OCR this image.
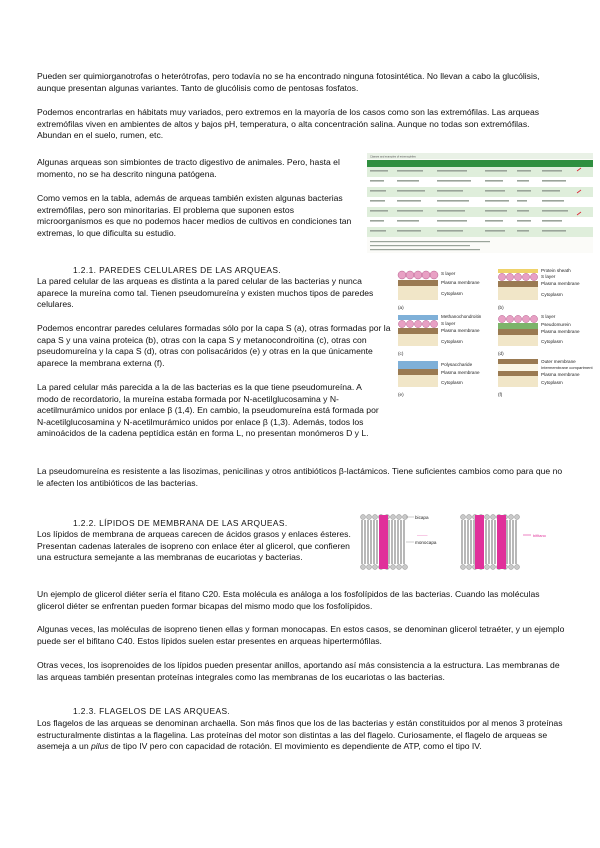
Pueden ser quimiorganotrofas o heterótrofas, pero todavía no se ha encontrado ninguna fotosintética. No llevan a cabo la glucólisis, aunque presentan algunas variantes. Tanto de glucólisis como de pentosas fosfatos.

Podemos encontrarlas en hábitats muy variados, pero extremos en la mayoría de los casos como son las extremófilas. Las arqueas extremófilas viven en ambientes de altos y bajos pH, temperatura, o alta concentración salina. Aunque no todas son extremófilas. Abundan en el suelo, rumen, etc.

Algunas arqueas son simbiontes de tracto digestivo de animales. Pero, hasta el momento, no se ha descrito ninguna patógena.

Como vemos en la tabla, además de arqueas también existen algunas bacterias extremófilas, pero son minoritarias. El problema que suponen estos microorganismos es que no podemos hacer medios de cultivos en condiciones tan extremas, lo que dificulta su estudio.

Classes and examples of extremophiles

1.2.1. PAREDES CELULARES DE LAS ARQUEAS.

La pared celular de las arqueas es distinta a la pared celular de las bacterias y nunca aparece la mureína como tal. Tienen pseudomureína y existen muchos tipos de paredes celulares.

Podemos encontrar paredes celulares formadas sólo por la capa S (a), otras formadas por la capa S y una vaina proteica (b), otras con la capa S y metanocondroitina (c), otras con pseudomureína y la capa S (d), otras con polisacáridos (e) y otras en la que únicamente aparece la membrana externa (f).

La pared celular más parecida a la de las bacterias es la que tiene pseudomureína. A modo de recordatorio, la mureína estaba formada por N-acetilglucosamina y N-acetilmurámico unidos por enlace β (1,4). En cambio, la pseudomureína está formada por N-acetilglucosamina y N-acetilmurámico unidos por enlace β (1,3). Además, todos los aminoácidos de la cadena peptídica están en forma L, no presentan monómeros D y L.

La pseudomureína es resistente a las lisozimas, penicilinas y otros antibióticos β-lactámicos. Tiene suficientes cambios como para que no le afecten los antibióticos de las bacterias.

S layer
Plasma membrane
Cytoplasm
(a)
Protein sheath
S layer
Plasma membrane
Cytoplasm
(b)
Methanochondroitin
S layer
Plasma membrane
Cytoplasm
(c)
S layer
Pseudomurein
Plasma membrane
Cytoplasm
(d)
Polysaccharide
Plasma membrane
Cytoplasm
(e)
Outer membrane
Intermembrane compartment
Plasma membrane
Cytoplasm
(f)

1.2.2. LÍPIDOS DE MEMBRANA DE LAS ARQUEAS.

Los lípidos de membrana de arqueas carecen de ácidos grasos y enlaces ésteres. Presentan cadenas laterales de isopreno con enlace éter al glicerol, que confieren una estructura semejante a las membranas de eucariotas y bacterias.

Un ejemplo de glicerol diéter sería el fitano C20. Esta molécula es análoga a los fosfolípidos de las bacterias. Cuando las moléculas glicerol diéter se enfrentan pueden formar bicapas del mismo modo que los fosfolípidos.

Algunas veces, las moléculas de isopreno tienen ellas y forman monocapas. En estos casos, se denominan glicerol tetraéter, y un ejemplo puede ser el bifitano C40. Estos lípidos suelen estar presentes en arqueas hipertermófilas.

Otras veces, los isoprenoides de los lípidos pueden presentar anillos, aportando así más consistencia a la estructura. Las membranas de las arqueas también presentan proteínas integrales como las membranas de los eucariotas o las bacterias.

bicapa
monocapa
———	bifitano

1.2.3. FLAGELOS DE LAS ARQUEAS.

Los flagelos de las arqueas se denominan archaella. Son más finos que los de las bacterias y están constituidos por al menos 3 proteínas estructuralmente distintas a la flagelina. Las proteínas del motor son distintas a las del flagelo. Curiosamente, el flagelo de arqueas se asemeja a un pilus de tipo IV pero con capacidad de rotación. El movimiento es dependiente de ATP, como el tipo IV.
